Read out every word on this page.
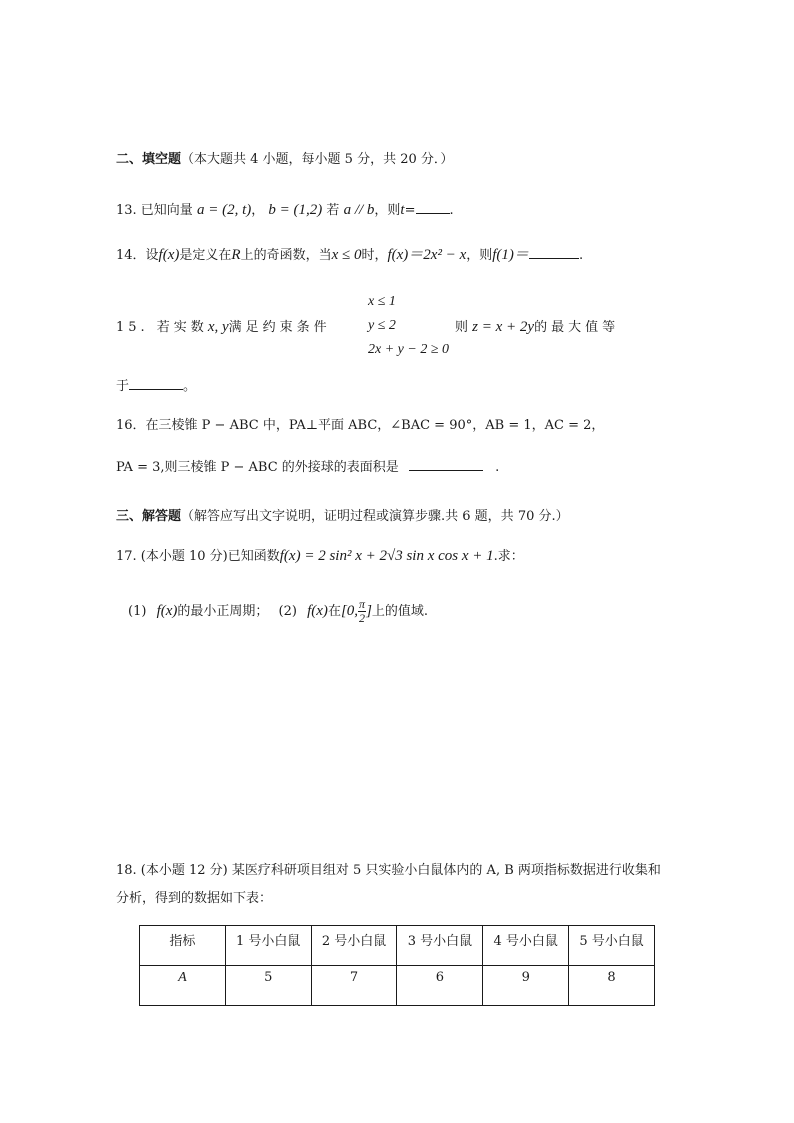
二、填空题（本大题共 4 小题，每小题 5 分，共 20 分．）
13. 已知向量 a = (2, t)， b = (1,2) 若 a // b，则t=	.
14．设f(x)是定义在R上的奇函数，当x ≤ 0时，f(x)＝2x² − x，则f(1)＝	.
15. 若实数x, y满足约束条件
x ≤ 1
y ≤ 2
2x + y − 2 ≥ 0
则 z = x + 2y的最大值等
于	。
16．在三棱锥 P − ABC 中，PA⊥平面 ABC，∠BAC = 90°，AB = 1，AC = 2，
PA = 3,则三棱锥 P − ABC 的外接球的表面积是	.
三、解答题（解答应写出文字说明，证明过程或演算步骤.共 6 题，共 70 分.）
17. (本小题 10 分)已知函数f(x) = 2 sin² x + 2√3 sin x cos x + 1.求：
(1) f(x)的最小正周期； (2) f(x)在[0, $\frac{\pi}{2}$ ]上的值域.
18. (本小题 12 分) 某医疗科研项目组对 5 只实验小白鼠体内的 A, B 两项指标数据进行收集和
分析，得到的数据如下表：
指标	1 号小白鼠	2 号小白鼠	3 号小白鼠	4 号小白鼠	5 号小白鼠
A	5	7	6	9	8
